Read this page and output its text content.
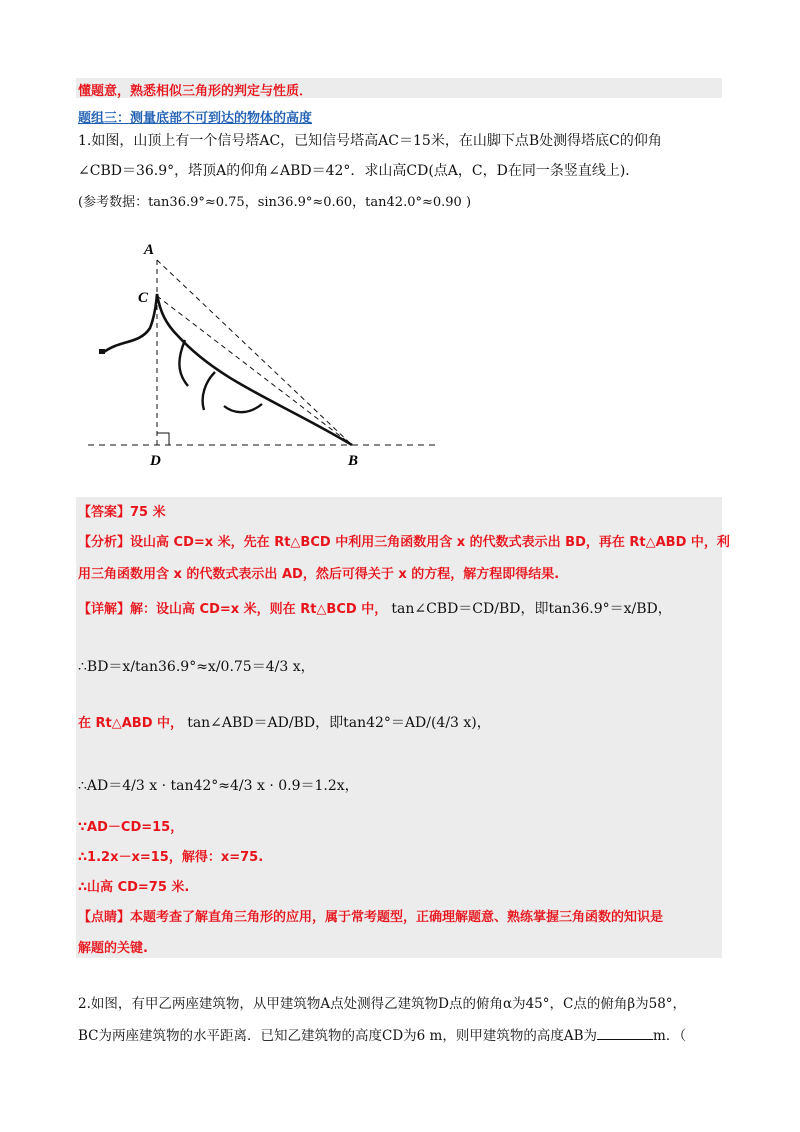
懂题意，熟悉相似三角形的判定与性质．
题组三：测量底部不可到达的物体的高度
1.如图，山顶上有一个信号塔AC，已知信号塔高AC＝15米，在山脚下点B处测得塔底C的仰角
∠CBD＝36.9°，塔顶A的仰角∠ABD＝42°．求山高CD(点A，C，D在同一条竖直线上)．
(参考数据：tan36.9°≈0.75，sin36.9°≈0.60，tan42.0°≈0.90 )
A
C
D	B
【答案】75 米
【分析】设山高 CD=x 米，先在 Rt△BCD 中利用三角函数用含 x 的代数式表示出 BD，再在 Rt△ABD 中，利
用三角函数用含 x 的代数式表示出 AD，然后可得关于 x 的方程，解方程即得结果.
【详解】解：设山高 CD=x 米，则在 Rt△BCD 中， tan∠CBD＝CD/BD，即tan36.9°＝x/BD，
∴BD＝x/tan36.9°≈x/0.75＝4/3 x，
在 Rt△ABD 中， tan∠ABD＝AD/BD，即tan42°＝AD/(4/3 x)，
∴AD＝4/3 x · tan42°≈4/3 x · 0.9＝1.2x，
∵AD－CD=15，
∴1.2x－x=15，解得：x=75.
∴山高 CD=75 米.
【点睛】本题考查了解直角三角形的应用，属于常考题型，正确理解题意、熟练掌握三角函数的知识是
解题的关键.
2.如图，有甲乙两座建筑物，从甲建筑物A点处测得乙建筑物D点的俯角α为45°，C点的俯角β为58°，
BC为两座建筑物的水平距离．已知乙建筑物的高度CD为6 m，则甲建筑物的高度AB为	m．（
